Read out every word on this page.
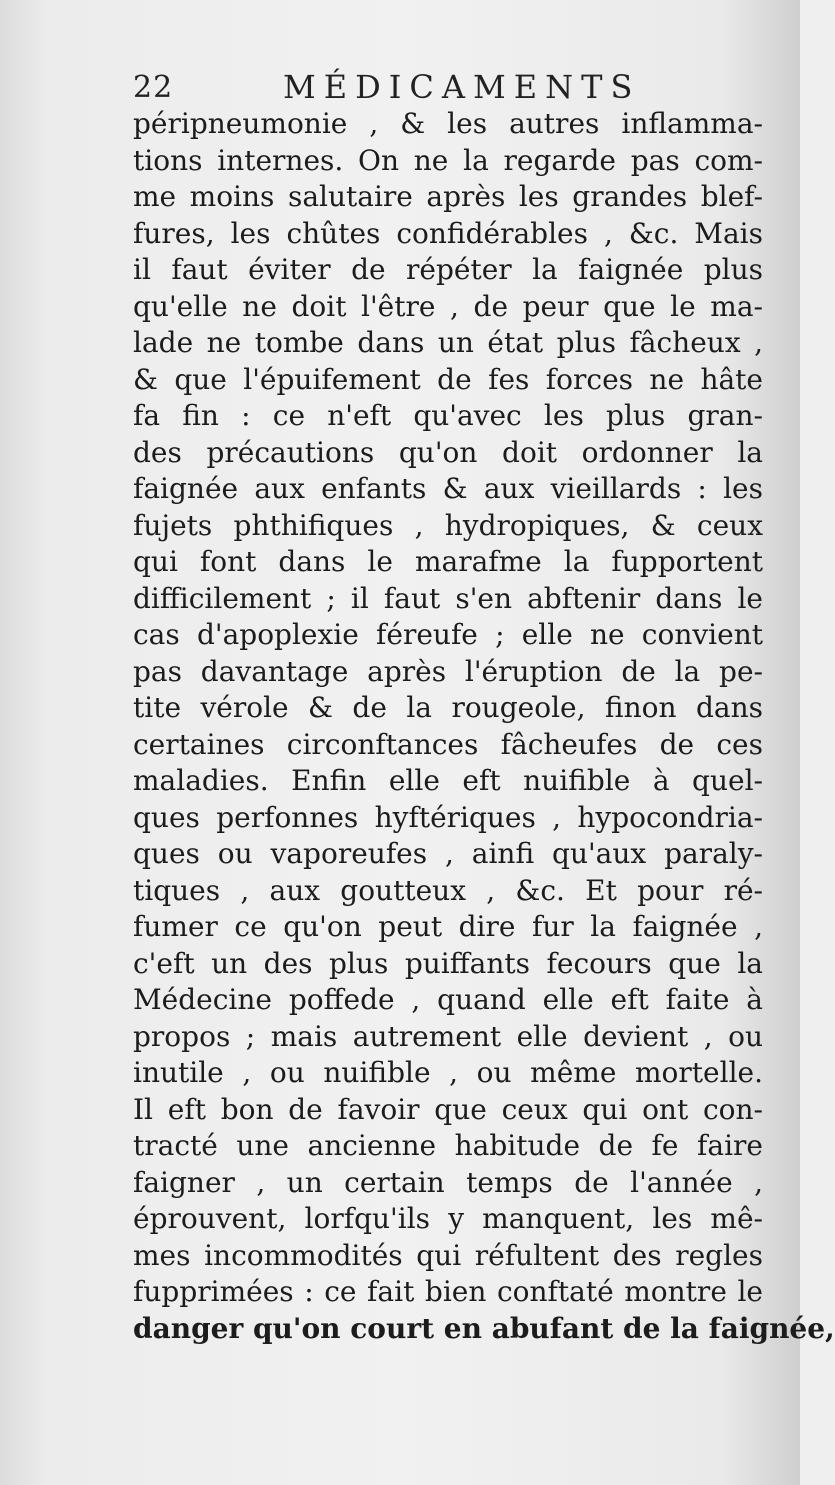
22	MÉDICAMENTS
péripneumonie , & les autres inflamma-
tions internes. On ne la regarde pas com-
me moins salutaire après les grandes blef-
fures, les chûtes confidérables , &c. Mais
il faut éviter de répéter la faignée plus
qu'elle ne doit l'être , de peur que le ma-
lade ne tombe dans un état plus fâcheux ,
& que l'épuifement de fes forces ne hâte
fa fin : ce n'eft qu'avec les plus gran-
des précautions qu'on doit ordonner la
faignée aux enfants & aux vieillards : les
fujets phthifiques , hydropiques, & ceux
qui font dans le marafme la fupportent
difficilement ; il faut s'en abftenir dans le
cas d'apoplexie féreufe ; elle ne convient
pas davantage après l'éruption de la pe-
tite vérole & de la rougeole, finon dans
certaines circonftances fâcheufes de ces
maladies. Enfin elle eft nuifible à quel-
ques perfonnes hyftériques , hypocondria-
ques ou vaporeufes , ainfi qu'aux paraly-
tiques , aux goutteux , &c. Et pour ré-
fumer ce qu'on peut dire fur la faignée ,
c'eft un des plus puiffants fecours que la
Médecine poffede , quand elle eft faite à
propos ; mais autrement elle devient , ou
inutile , ou nuifible , ou même mortelle.
Il eft bon de favoir que ceux qui ont con-
tracté une ancienne habitude de fe faire
faigner , un certain temps de l'année ,
éprouvent, lorfqu'ils y manquent, les mê-
mes incommodités qui réfultent des regles
fupprimées : ce fait bien conftaté montre le
danger qu'on court en abufant de la faignée,
